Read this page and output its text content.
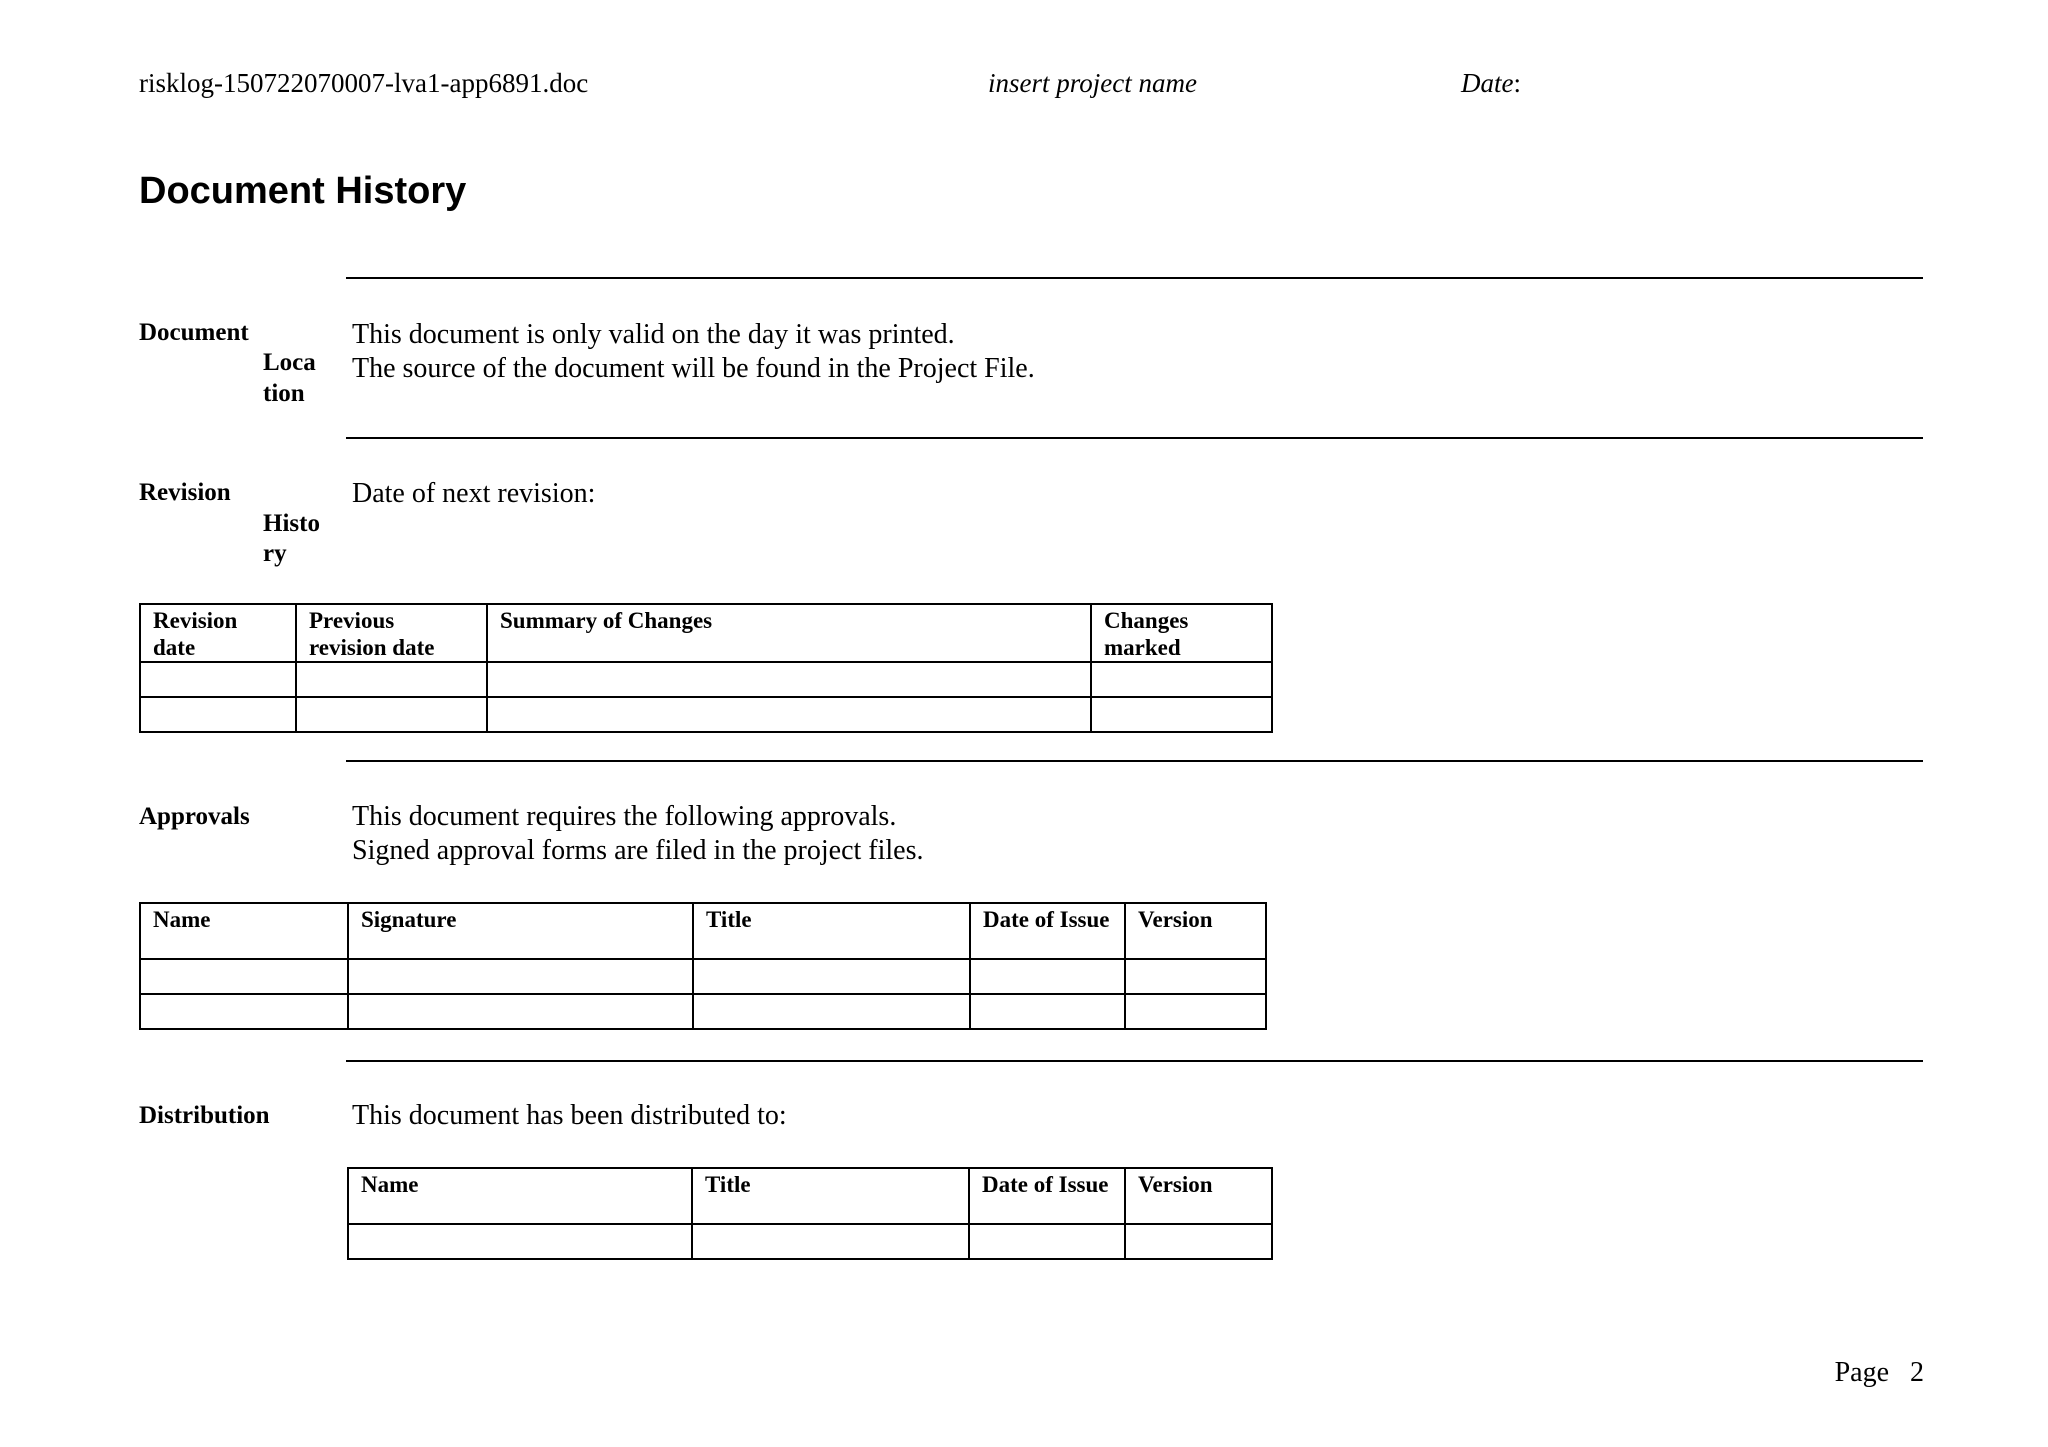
risklog-150722070007-lva1-app6891.doc	insert project name	Date:
Document History
Document
Loca
tion
This document is only valid on the day it was printed.
The source of the document will be found in the Project File.
Revision
Histo
ry
Date of next revision:
Revision date	Previous revision date	Summary of Changes	Changes marked

Approvals	This document requires the following approvals.
Signed approval forms are filed in the project files.
Name	Signature	Title	Date of Issue	Version

Distribution	This document has been distributed to:
Name	Title	Date of Issue	Version

Page 2
